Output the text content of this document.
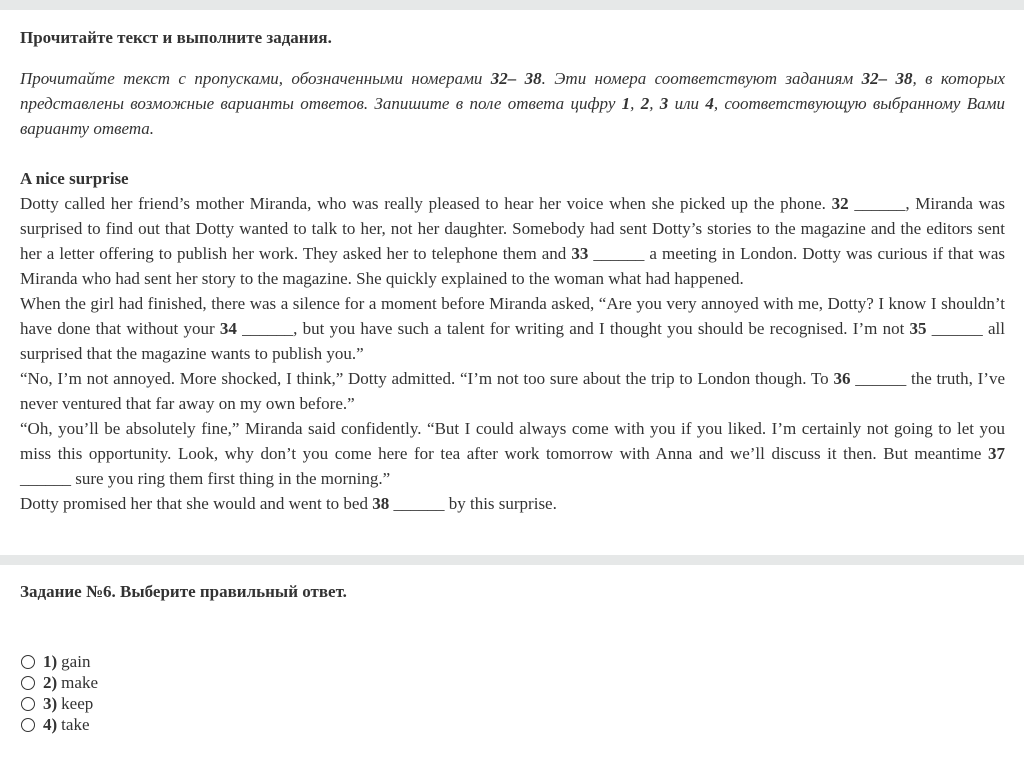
Прочитайте текст и выполните задания.
Прочитайте текст с пропусками, обозначенными номерами 32– 38. Эти номера соответствуют заданиям 32– 38, в которых представлены возможные варианты ответов. Запишите в поле ответа цифру 1, 2, 3 или 4, соответствующую выбранному Вами варианту ответа.
A nice surprise

Dotty called her friend’s mother Miranda, who was really pleased to hear her voice when she picked up the phone. 32 ______, Miranda was surprised to find out that Dotty wanted to talk to her, not her daughter. Somebody had sent Dotty’s stories to the magazine and the editors sent her a letter offering to publish her work. They asked her to telephone them and 33 ______ a meeting in London. Dotty was curious if that was Miranda who had sent her story to the magazine. She quickly explained to the woman what had happened.

When the girl had finished, there was a silence for a moment before Miranda asked, “Are you very annoyed with me, Dotty? I know I shouldn’t have done that without your 34 ______, but you have such a talent for writing and I thought you should be recognised. I’m not 35 ______ all surprised that the magazine wants to publish you.”

“No, I’m not annoyed. More shocked, I think,” Dotty admitted. “I’m not too sure about the trip to London though. To 36 ______ the truth, I’ve never ventured that far away on my own before.”

“Oh, you’ll be absolutely fine,” Miranda said confidently. “But I could always come with you if you liked. I’m certainly not going to let you miss this opportunity. Look, why don’t you come here for tea after work tomorrow with Anna and we’ll discuss it then. But meantime 37 ______ sure you ring them first thing in the morning.”

Dotty promised her that she would and went to bed 38 ______ by this surprise.

Задание №6. Выберите правильный ответ.
1) gain
2) make
3) keep
4) take
